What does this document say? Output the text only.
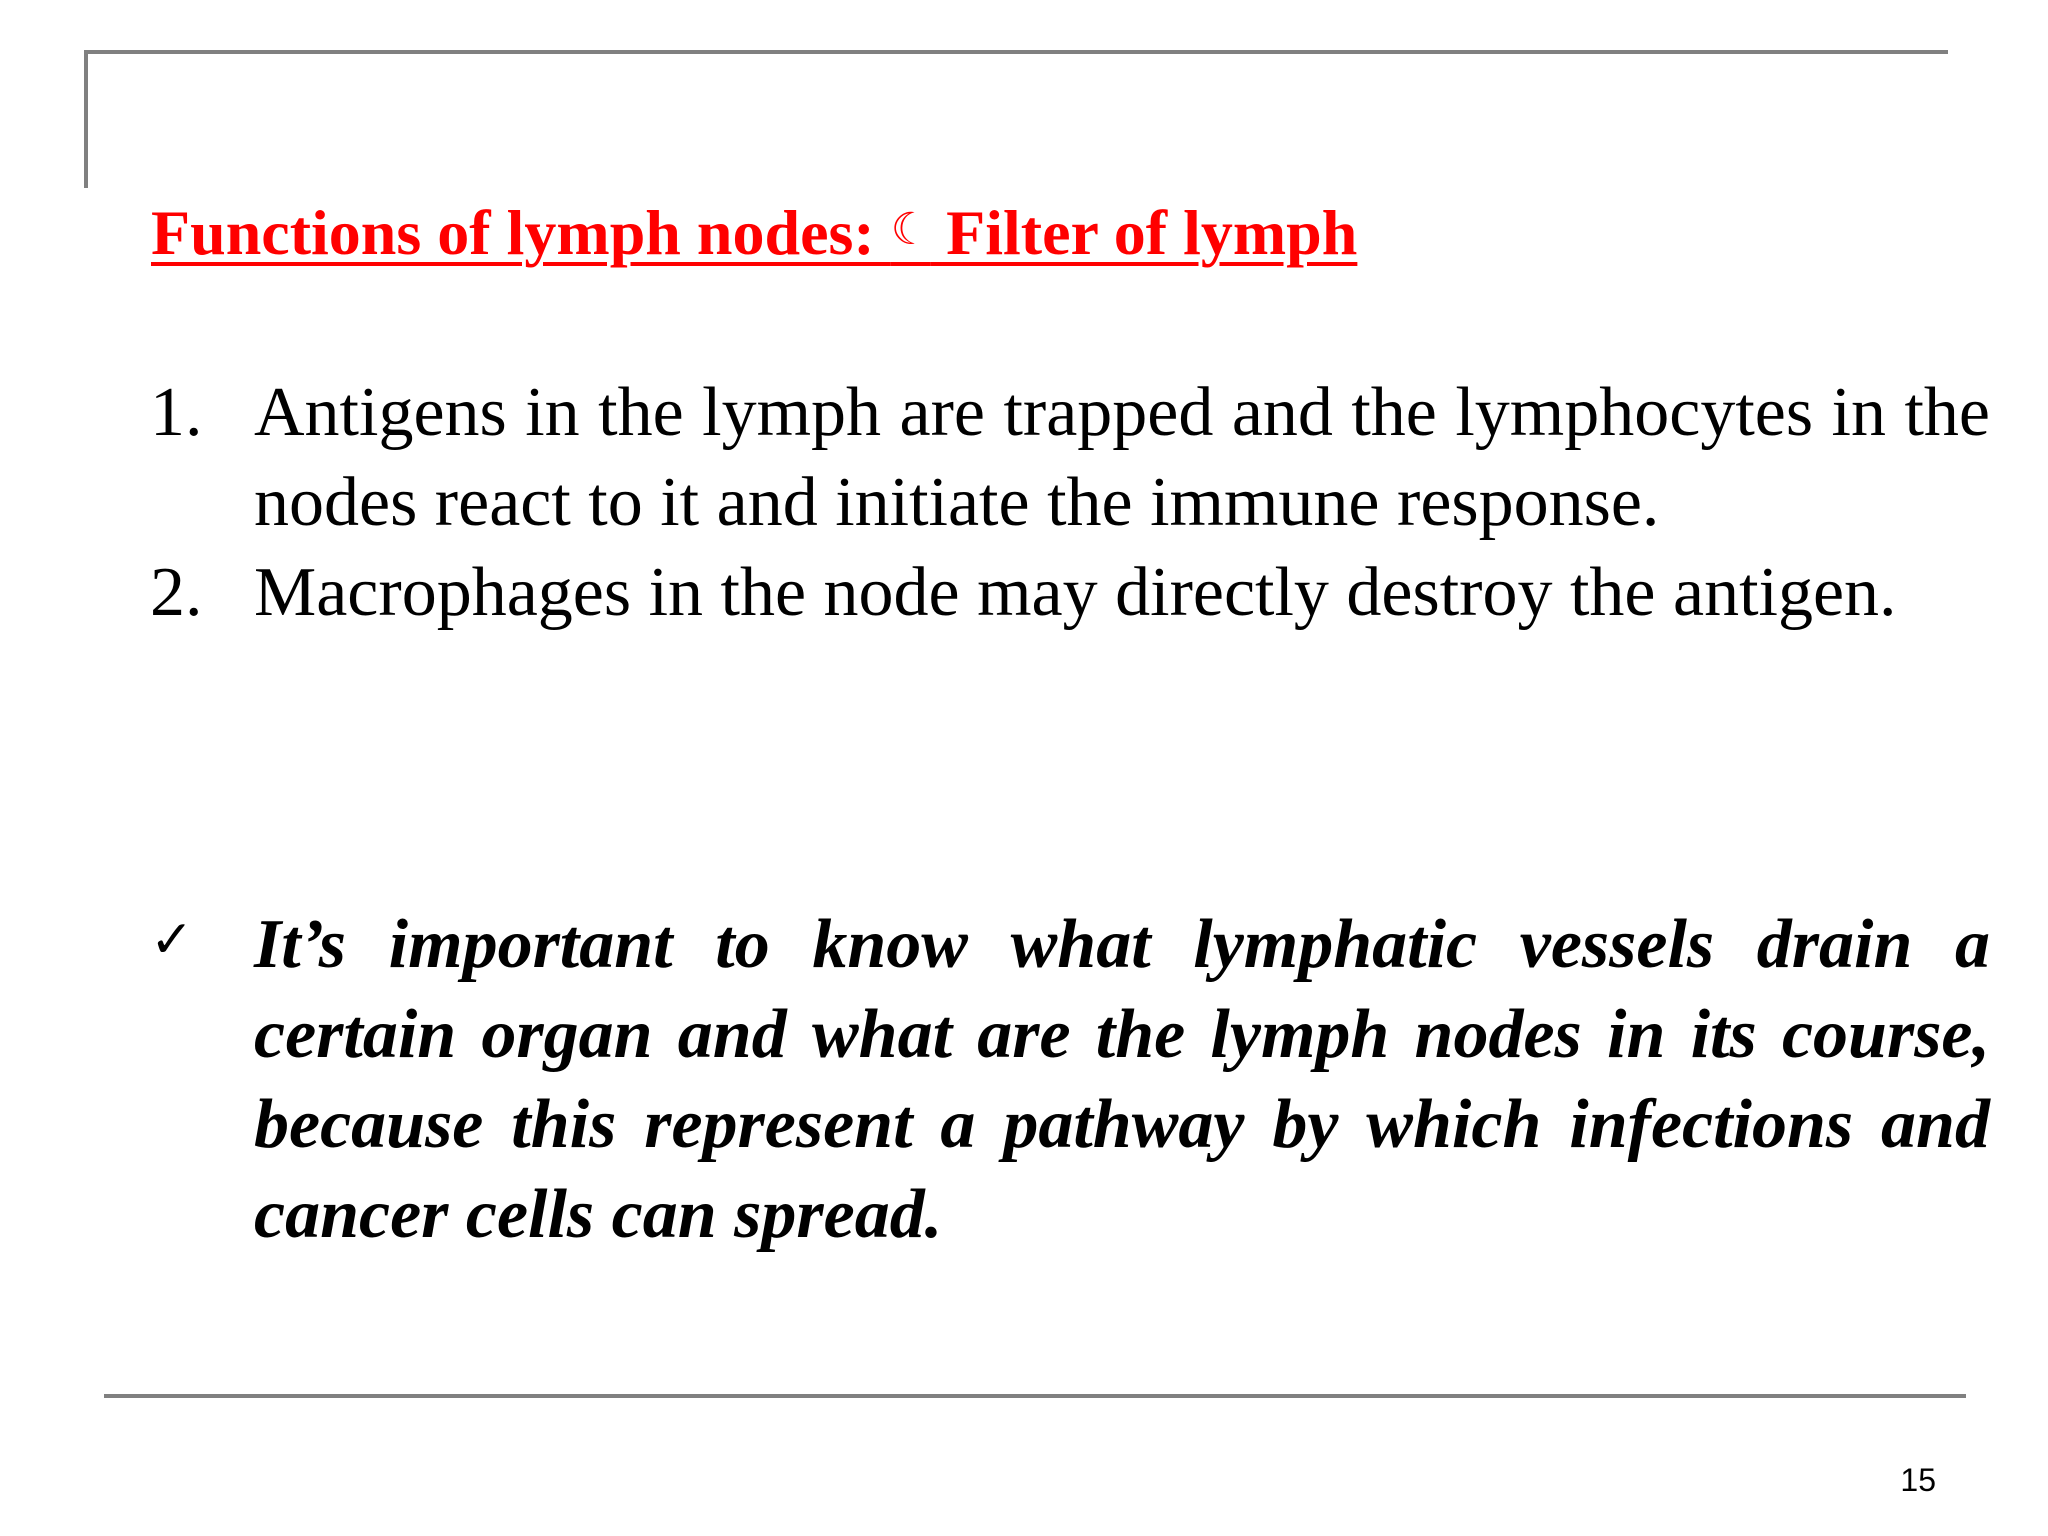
Functions of lymph nodes: ☾ Filter of lymph
1. Antigens in the lymph are trapped and the lymphocytes in the nodes react to it and initiate the immune response.
2. Macrophages in the node may directly destroy the antigen.
✓ It’s important to know what lymphatic vessels drain a certain organ and what are the lymph nodes in its course, because this represent a pathway by which infections and cancer cells can spread.
15
